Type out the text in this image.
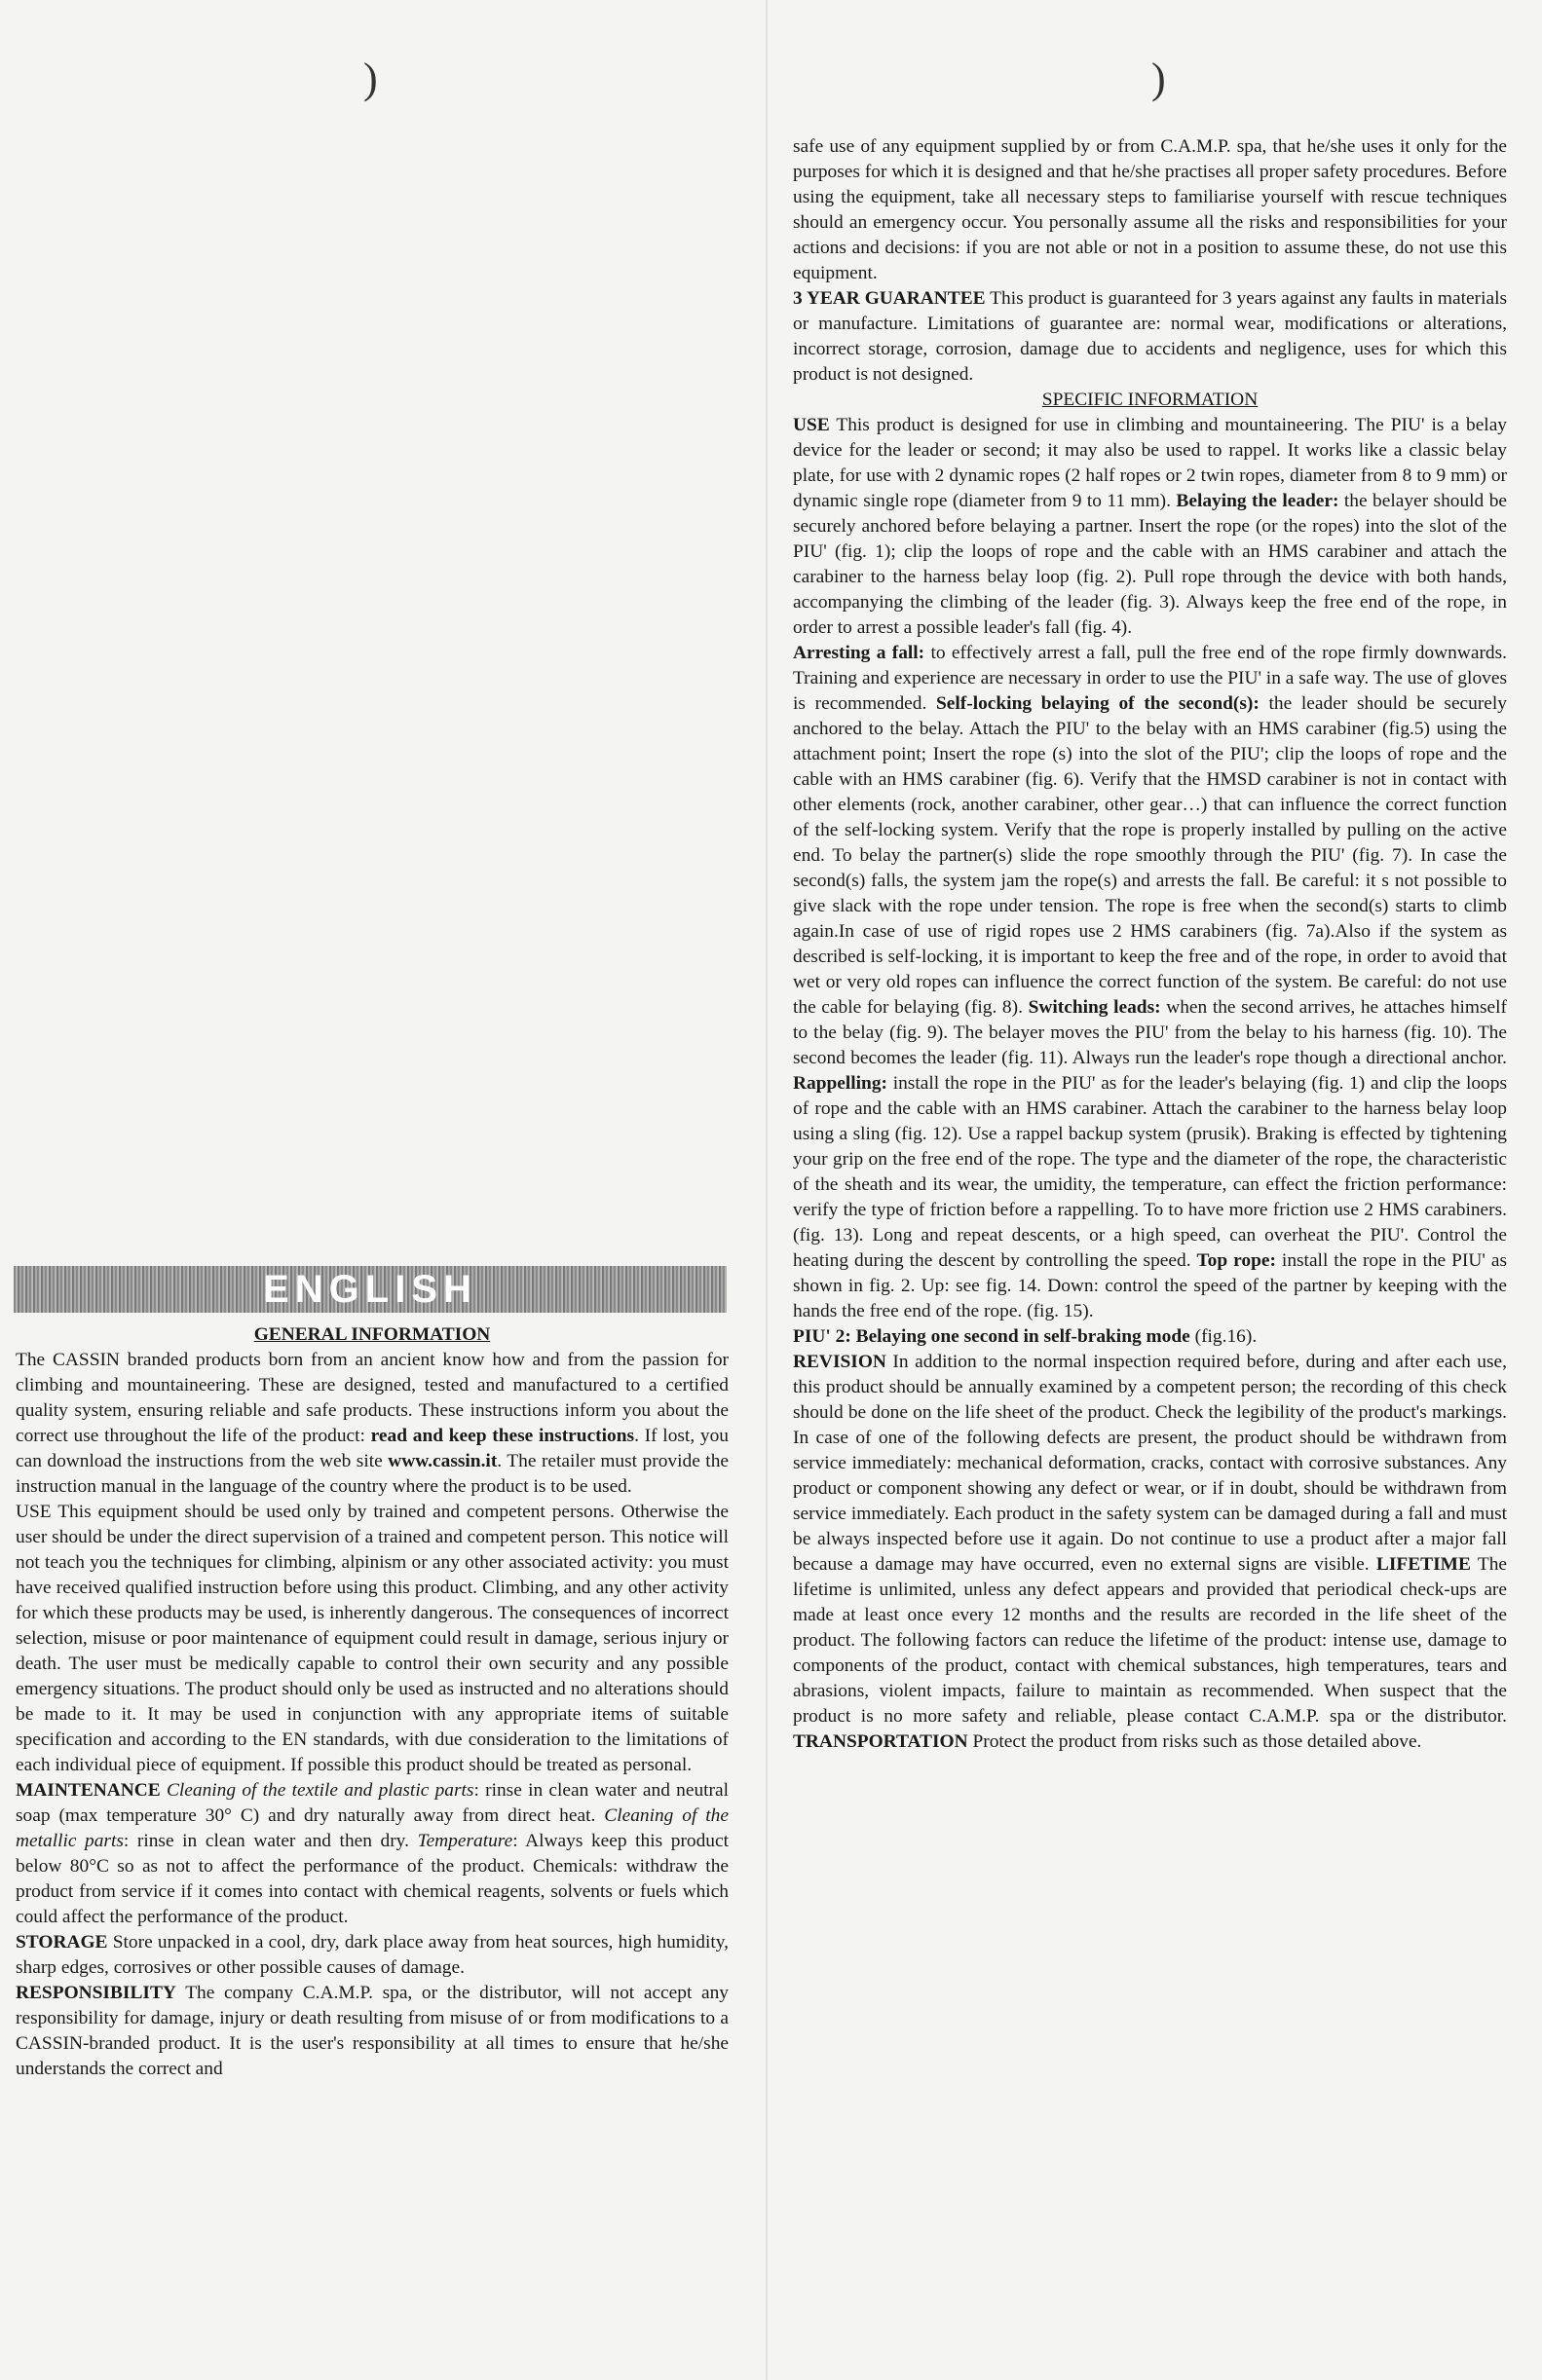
)	)
ENGLISH

GENERAL INFORMATION

The CASSIN branded products born from an ancient know how and from the passion for climbing and mountaineering. These are designed, tested and manufactured to a certified quality system, ensuring reliable and safe products. These instructions inform you about the correct use throughout the life of the product: read and keep these instructions. If lost, you can download the instructions from the web site www.cassin.it. The retailer must provide the instruction manual in the language of the country where the product is to be used.

USE This equipment should be used only by trained and competent persons. Otherwise the user should be under the direct supervision of a trained and competent person. This notice will not teach you the techniques for climbing, alpinism or any other associated activity: you must have received qualified instruction before using this product. Climbing, and any other activity for which these products may be used, is inherently dangerous. The consequences of incorrect selection, misuse or poor maintenance of equipment could result in damage, serious injury or death. The user must be medically capable to control their own security and any possible emergency situations. The product should only be used as instructed and no alterations should be made to it. It may be used in conjunction with any appropriate items of suitable specification and according to the EN standards, with due consideration to the limitations of each individual piece of equipment. If possible this product should be treated as personal.

MAINTENANCE Cleaning of the textile and plastic parts: rinse in clean water and neutral soap (max temperature 30° C) and dry naturally away from direct heat. Cleaning of the metallic parts: rinse in clean water and then dry. Temperature: Always keep this product below 80°C so as not to affect the performance of the product. Chemicals: withdraw the product from service if it comes into contact with chemical reagents, solvents or fuels which could affect the performance of the product.

STORAGE Store unpacked in a cool, dry, dark place away from heat sources, high humidity, sharp edges, corrosives or other possible causes of damage.

RESPONSIBILITY The company C.A.M.P. spa, or the distributor, will not accept any responsibility for damage, injury or death resulting from misuse of or from modifications to a CASSIN-branded product. It is the user's responsibility at all times to ensure that he/she understands the correct and

safe use of any equipment supplied by or from C.A.M.P. spa, that he/she uses it only for the purposes for which it is designed and that he/she practises all proper safety procedures. Before using the equipment, take all necessary steps to familiarise yourself with rescue techniques should an emergency occur. You personally assume all the risks and responsibilities for your actions and decisions: if you are not able or not in a position to assume these, do not use this equipment.

3 YEAR GUARANTEE This product is guaranteed for 3 years against any faults in materials or manufacture. Limitations of guarantee are: normal wear, modifications or alterations, incorrect storage, corrosion, damage due to accidents and negligence, uses for which this product is not designed.

SPECIFIC INFORMATION

USE This product is designed for use in climbing and mountaineering. The PIU' is a belay device for the leader or second; it may also be used to rappel. It works like a classic belay plate, for use with 2 dynamic ropes (2 half ropes or 2 twin ropes, diameter from 8 to 9 mm) or dynamic single rope (diameter from 9 to 11 mm). Belaying the leader: the belayer should be securely anchored before belaying a partner. Insert the rope (or the ropes) into the slot of the PIU' (fig. 1); clip the loops of rope and the cable with an HMS carabiner and attach the carabiner to the harness belay loop (fig. 2). Pull rope through the device with both hands, accompanying the climbing of the leader (fig. 3). Always keep the free end of the rope, in order to arrest a possible leader's fall (fig. 4).

Arresting a fall: to effectively arrest a fall, pull the free end of the rope firmly downwards. Training and experience are necessary in order to use the PIU' in a safe way. The use of gloves is recommended. Self-locking belaying of the second(s): the leader should be securely anchored to the belay. Attach the PIU' to the belay with an HMS carabiner (fig.5) using the attachment point; Insert the rope (s) into the slot of the PIU'; clip the loops of rope and the cable with an HMS carabiner (fig. 6). Verify that the HMSD carabiner is not in contact with other elements (rock, another carabiner, other gear…) that can influence the correct function of the self-locking system. Verify that the rope is properly installed by pulling on the active end. To belay the partner(s) slide the rope smoothly through the PIU' (fig. 7). In case the second(s) falls, the system jam the rope(s) and arrests the fall. Be careful: it s not possible to give slack with the rope under tension. The rope is free when the second(s) starts to climb again.In case of use of rigid ropes use 2 HMS carabiners (fig. 7a).Also if the system as described is self-locking, it is important to keep the free and of the rope, in order to avoid that wet or very old ropes can influence the correct function of the system. Be careful: do not use the cable for belaying (fig. 8). Switching leads: when the second arrives, he attaches himself to the belay (fig. 9). The belayer moves the PIU' from the belay to his harness (fig. 10). The second becomes the leader (fig. 11). Always run the leader's rope though a directional anchor. Rappelling: install the rope in the PIU' as for the leader's belaying (fig. 1) and clip the loops of rope and the cable with an HMS carabiner. Attach the carabiner to the harness belay loop using a sling (fig. 12). Use a rappel backup system (prusik). Braking is effected by tightening your grip on the free end of the rope. The type and the diameter of the rope, the characteristic of the sheath and its wear, the umidity, the temperature, can effect the friction performance: verify the type of friction before a rappelling. To to have more friction use 2 HMS carabiners. (fig. 13). Long and repeat descents, or a high speed, can overheat the PIU'. Control the heating during the descent by controlling the speed. Top rope: install the rope in the PIU' as shown in fig. 2. Up: see fig. 14. Down: control the speed of the partner by keeping with the hands the free end of the rope. (fig. 15).

PIU' 2: Belaying one second in self-braking mode (fig.16).

REVISION In addition to the normal inspection required before, during and after each use, this product should be annually examined by a competent person; the recording of this check should be done on the life sheet of the product. Check the legibility of the product's markings. In case of one of the following defects are present, the product should be withdrawn from service immediately: mechanical deformation, cracks, contact with corrosive substances. Any product or component showing any defect or wear, or if in doubt, should be withdrawn from service immediately. Each product in the safety system can be damaged during a fall and must be always inspected before use it again. Do not continue to use a product after a major fall because a damage may have occurred, even no external signs are visible. LIFETIME The lifetime is unlimited, unless any defect appears and provided that periodical check-ups are made at least once every 12 months and the results are recorded in the life sheet of the product. The following factors can reduce the lifetime of the product: intense use, damage to components of the product, contact with chemical substances, high temperatures, tears and abrasions, violent impacts, failure to maintain as recommended. When suspect that the product is no more safety and reliable, please contact C.A.M.P. spa or the distributor. TRANSPORTATION Protect the product from risks such as those detailed above.
